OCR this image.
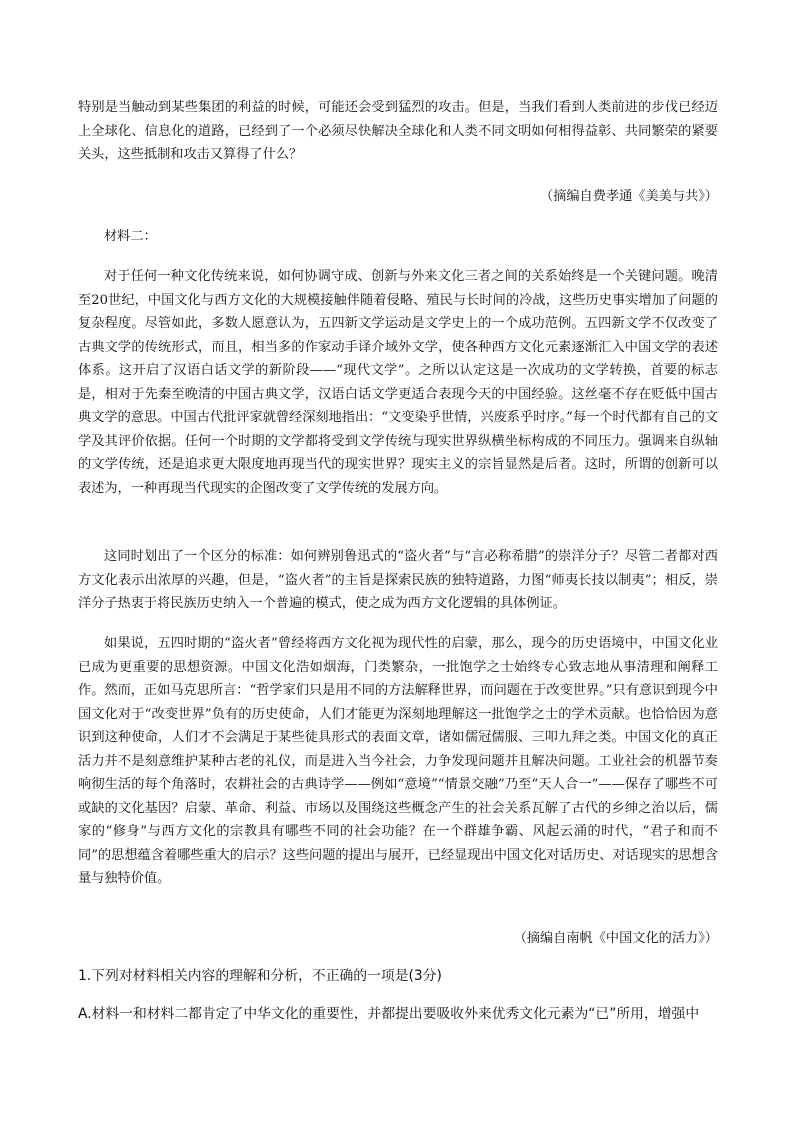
特别是当触动到某些集团的利益的时候，可能还会受到猛烈的攻击。但是，当我们看到人类前进的步伐已经迈上全球化、信息化的道路，已经到了一个必须尽快解决全球化和人类不同文明如何相得益彰、共同繁荣的紧要关头，这些抵制和攻击又算得了什么？

（摘编自费孝通《美美与共》）

材料二：

对于任何一种文化传统来说，如何协调守成、创新与外来文化三者之间的关系始终是一个关键问题。晚清至20世纪，中国文化与西方文化的大规模接触伴随着侵略、殖民与长时间的冷战，这些历史事实增加了问题的复杂程度。尽管如此，多数人愿意认为，五四新文学运动是文学史上的一个成功范例。五四新文学不仅改变了古典文学的传统形式，而且，相当多的作家动手译介域外文学，使各种西方文化元素逐渐汇入中国文学的表述体系。这开启了汉语白话文学的新阶段——“现代文学”。之所以认定这是一次成功的文学转换，首要的标志是，相对于先秦至晚清的中国古典文学，汉语白话文学更适合表现今天的中国经验。这丝毫不存在贬低中国古典文学的意思。中国古代批评家就曾经深刻地指出：“文变染乎世情，兴废系乎时序。”每一个时代都有自己的文学及其评价依据。任何一个时期的文学都将受到文学传统与现实世界纵横坐标构成的不同压力。强调来自纵轴的文学传统，还是追求更大限度地再现当代的现实世界？现实主义的宗旨显然是后者。这时，所谓的创新可以表述为，一种再现当代现实的企图改变了文学传统的发展方向。

这同时划出了一个区分的标准：如何辨别鲁迅式的“盗火者”与“言必称希腊”的崇洋分子？尽管二者都对西方文化表示出浓厚的兴趣，但是，“盗火者”的主旨是探索民族的独特道路，力图“师夷长技以制夷”；相反，崇洋分子热衷于将民族历史纳入一个普遍的模式，使之成为西方文化逻辑的具体例证。

如果说，五四时期的“盗火者”曾经将西方文化视为现代性的启蒙，那么，现今的历史语境中，中国文化业已成为更重要的思想资源。中国文化浩如烟海，门类繁杂，一批饱学之士始终专心致志地从事清理和阐释工作。然而，正如马克思所言：“哲学家们只是用不同的方法解释世界，而问题在于改变世界。”只有意识到现今中国文化对于“改变世界”负有的历史使命，人们才能更为深刻地理解这一批饱学之士的学术贡献。也恰恰因为意识到这种使命，人们才不会满足于某些徒具形式的表面文章，诸如儒冠儒服、三叩九拜之类。中国文化的真正活力并不是刻意维护某种古老的礼仪，而是进入当今社会，力争发现问题并且解决问题。工业社会的机器节奏响彻生活的每个角落时，农耕社会的古典诗学——例如“意境”“情景交融”乃至“天人合一”——保存了哪些不可或缺的文化基因？启蒙、革命、利益、市场以及围绕这些概念产生的社会关系瓦解了古代的乡绅之治以后，儒家的“修身”与西方文化的宗教具有哪些不同的社会功能？在一个群雄争霸、风起云涌的时代，“君子和而不同”的思想蕴含着哪些重大的启示？这些问题的提出与展开，已经显现出中国文化对话历史、对话现实的思想含量与独特价值。

（摘编自南帆《中国文化的活力》）

1.下列对材料相关内容的理解和分析，不正确的一项是(3分)

A.材料一和材料二都肯定了中华文化的重要性，并都提出要吸收外来优秀文化元素为“已”所用，增强中
